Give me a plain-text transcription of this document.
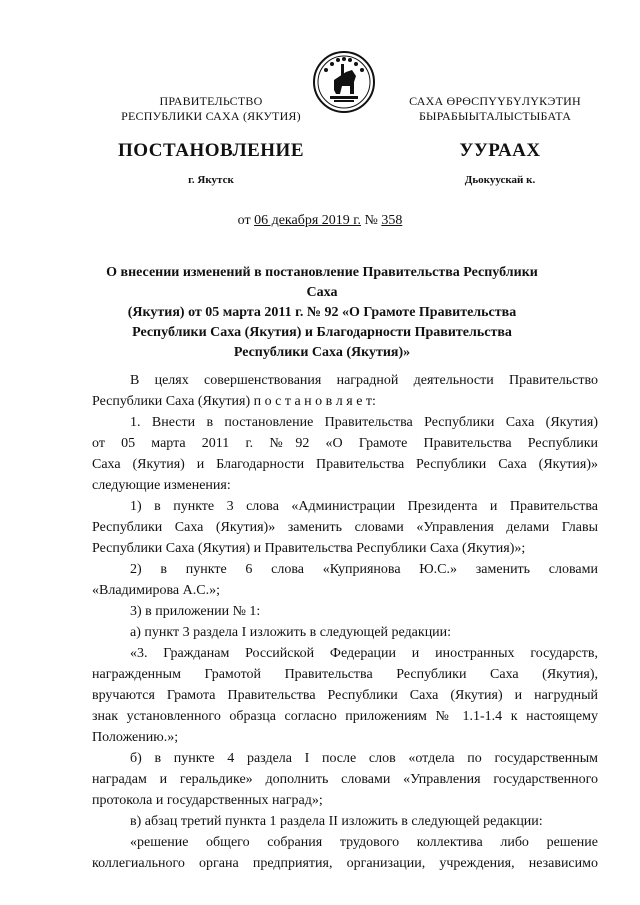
ПРАВИТЕЛЬСТВО
РЕСПУБЛИКИ САХА (ЯКУТИЯ)
САХА ӨРӨСПҮҮБҮЛҮКЭТИН
БЫРАБЫЫТАЛЫСТЫБАТА
ПОСТАНОВЛЕНИЕ	УУРААХ
г. Якутск	Дьокуускай к.
от 06 декабря 2019 г. № 358
О внесении изменений в постановление Правительства Республики Саха
(Якутия) от 05 марта 2011 г. № 92 «О Грамоте Правительства
Республики Саха (Якутия) и Благодарности Правительства
Республики Саха (Якутия)»
В целях совершенствования наградной деятельности Правительство
Республики Саха (Якутия) п о с т а н о в л я е т:
1. Внести в постановление Правительства Республики Саха (Якутия)
от 05 марта 2011 г. №92 «О Грамоте Правительства Республики
Саха (Якутия) и Благодарности Правительства Республики Саха (Якутия)»
следующие изменения:
1) в пункте 3 слова «Администрации Президента и Правительства
Республики Саха (Якутия)» заменить словами «Управления делами Главы
Республики Саха (Якутия) и Правительства Республики Саха (Якутия)»;
2) в пункте 6 слова «Куприянова Ю.С.» заменить словами
«Владимирова А.С.»;
3) в приложении № 1:
а) пункт 3 раздела I изложить в следующей редакции:
«3. Гражданам Российской Федерации и иностранных государств,
награжденным Грамотой Правительства Республики Саха (Якутия),
вручаются Грамота Правительства Республики Саха (Якутия) и нагрудный
знак установленного образца согласно приложениям № 1.1-1.4 к настоящему
Положению.»;
б) в пункте 4 раздела I после слов «отдела по государственным
наградам и геральдике» дополнить словами «Управления государственного
протокола и государственных наград»;
в) абзац третий пункта 1 раздела II изложить в следующей редакции:
«решение общего собрания трудового коллектива либо решение
коллегиального органа предприятия, организации, учреждения, независимо
